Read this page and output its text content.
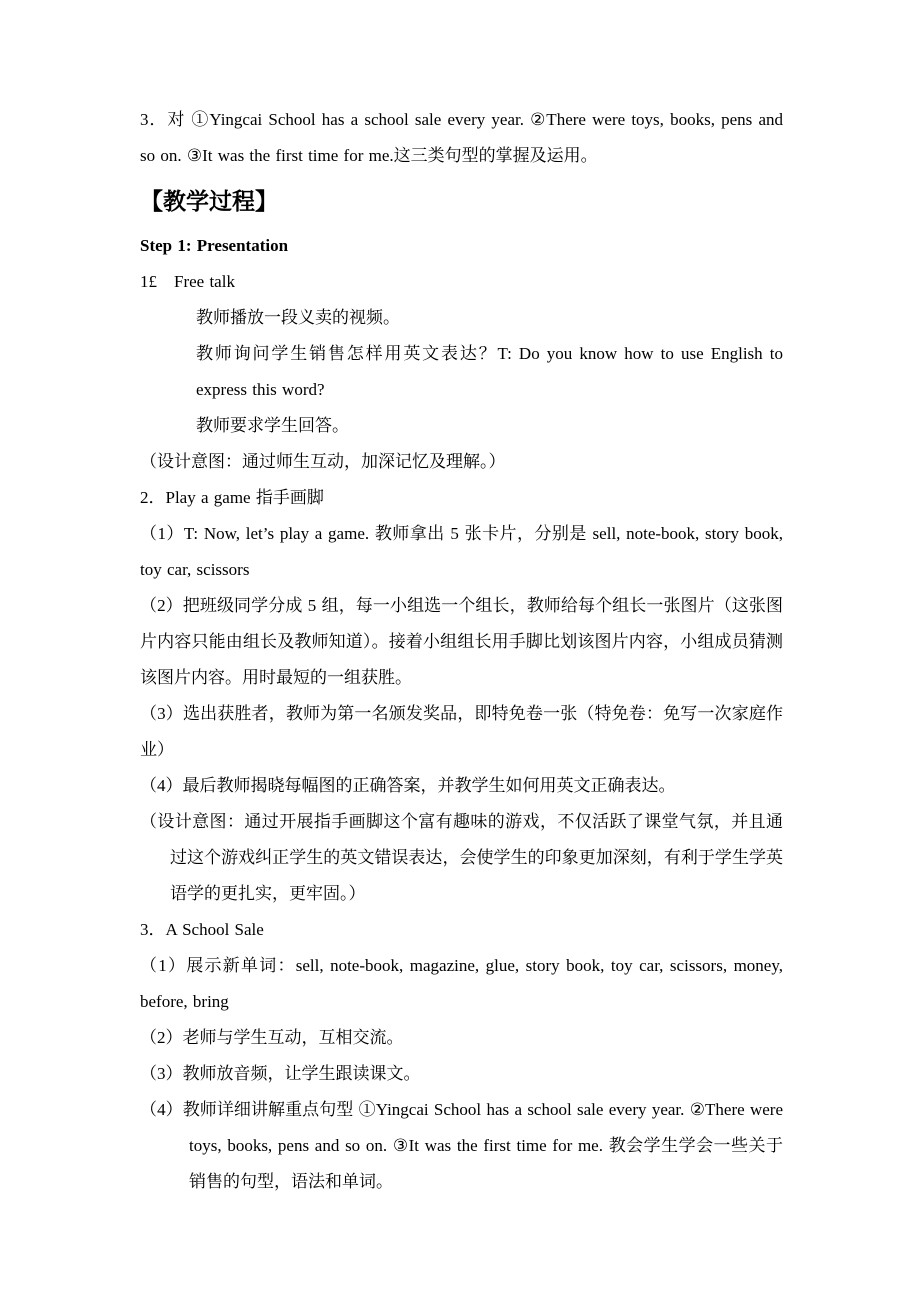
3．对 ①Yingcai School has a school sale every year. ②There were toys, books, pens and so on. ③It was the first time for me.这三类句型的掌握及运用。

【教学过程】

Step 1: Presentation

1£　Free talk

教师播放一段义卖的视频。

教师询问学生销售怎样用英文表达？T: Do you know how to use English to express this word?

教师要求学生回答。

（设计意图：通过师生互动，加深记忆及理解。）

2．Play a game 指手画脚

（1）T: Now, let’s play a game. 教师拿出 5 张卡片，分别是 sell, note-book, story book, toy car, scissors

（2）把班级同学分成 5 组，每一小组选一个组长，教师给每个组长一张图片（这张图片内容只能由组长及教师知道）。接着小组组长用手脚比划该图片内容，小组成员猜测该图片内容。用时最短的一组获胜。

（3）选出获胜者，教师为第一名颁发奖品，即特免卷一张（特免卷：免写一次家庭作业）

（4）最后教师揭晓每幅图的正确答案，并教学生如何用英文正确表达。

（设计意图：通过开展指手画脚这个富有趣味的游戏，不仅活跃了课堂气氛，并且通过这个游戏纠正学生的英文错误表达，会使学生的印象更加深刻，有利于学生学英语学的更扎实，更牢固。）

3．A School Sale

（1）展示新单词：sell, note-book, magazine, glue, story book, toy car, scissors, money, before, bring

（2）老师与学生互动，互相交流。

（3）教师放音频，让学生跟读课文。

（4）教师详细讲解重点句型 ①Yingcai School has a school sale every year. ②There were toys, books, pens and so on. ③It was the first time for me. 教会学生学会一些关于销售的句型，语法和单词。
